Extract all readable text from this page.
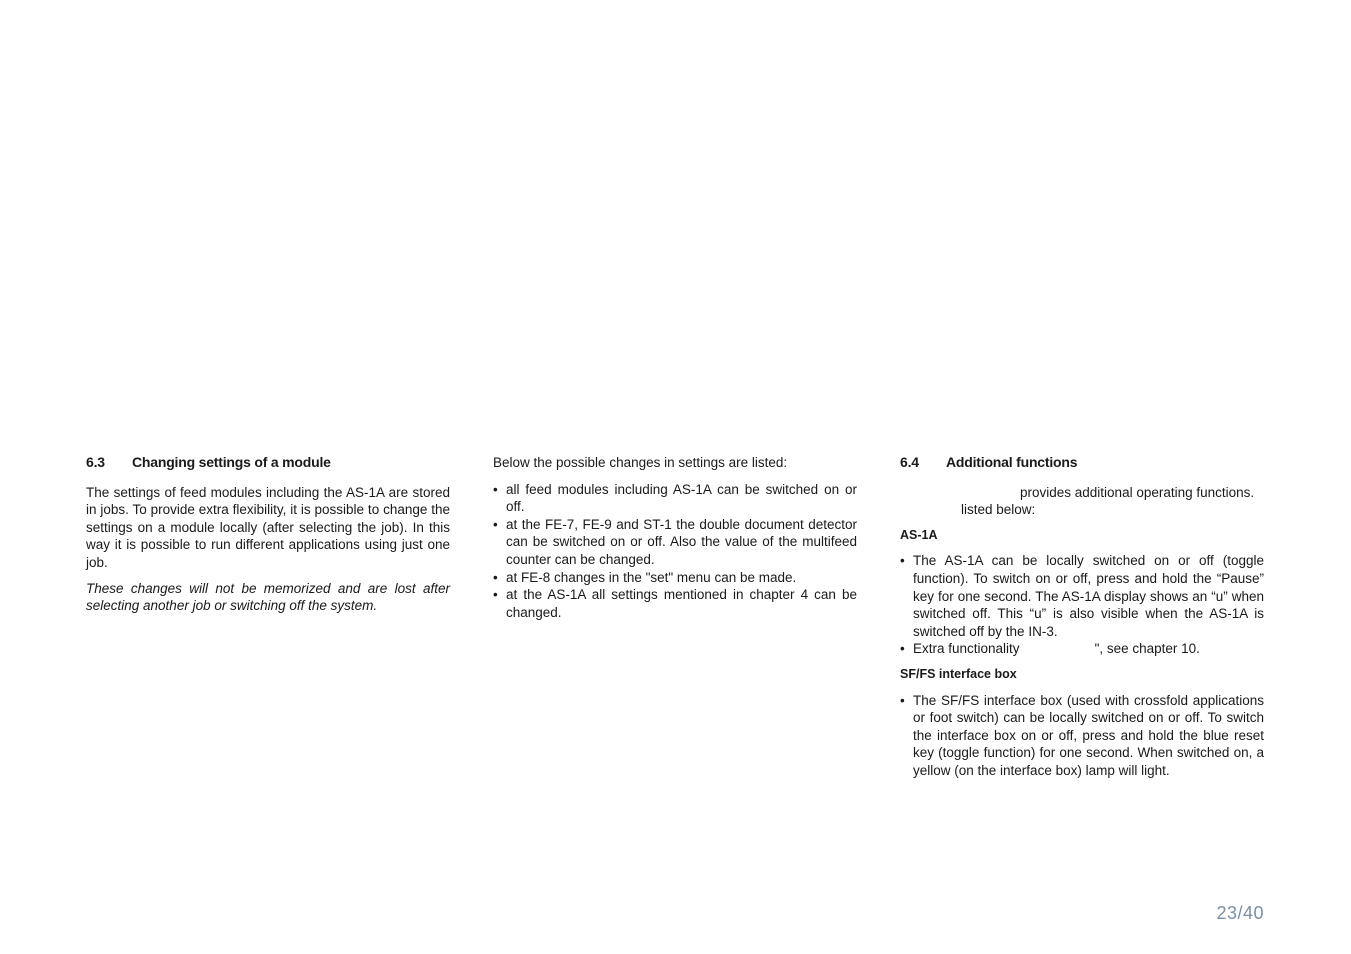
6.3 Changing settings of a module

The settings of feed modules including the AS-1A are stored in jobs. To provide extra flexibility, it is possible to change the settings on a module locally (after selecting the job). In this way it is possible to run different applications using just one job.

These changes will not be memorized and are lost after selecting another job or switching off the system.

Below the possible changes in settings are listed:

• all feed modules including AS-1A can be switched on or off.
• at the FE-7, FE-9 and ST-1 the double document detector can be switched on or off. Also the value of the multifeed counter can be changed.
• at FE-8 changes in the "set" menu can be made.
• at the AS-1A all settings mentioned in chapter 4 can be changed.
6.4 Additional functions
provides additional operating functions.
listed below:
AS-1A
• The AS-1A can be locally switched on or off (toggle function). To switch on or off, press and hold the “Pause” key for one second. The AS-1A display shows an “u” when switched off. This “u” is also visible when the AS-1A is switched off by the IN-3.
• Extra functionality	", see chapter 10.
SF/FS interface box
• The SF/FS interface box (used with crossfold applications or foot switch) can be locally switched on or off. To switch the interface box on or off, press and hold the blue reset key (toggle function) for one second. When switched on, a yellow (on the interface box) lamp will light.
23/40
